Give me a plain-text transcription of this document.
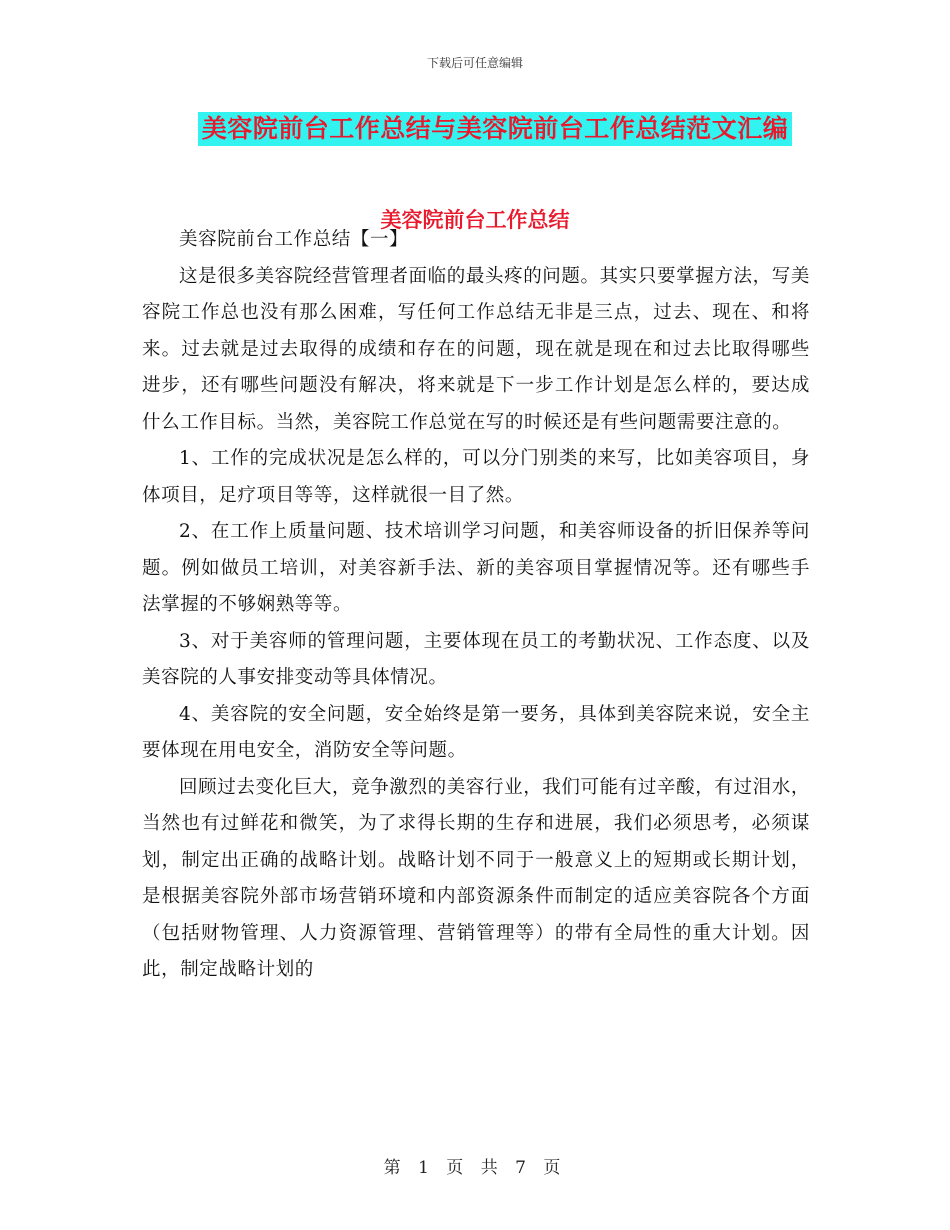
下载后可任意编辑
美容院前台工作总结与美容院前台工作总结范文汇编
美容院前台工作总结

美容院前台工作总结【一】

这是很多美容院经营管理者面临的最头疼的问题。其实只要掌握方法，写美容院工作总也没有那么困难，写任何工作总结无非是三点，过去、现在、和将来。过去就是过去取得的成绩和存在的问题，现在就是现在和过去比取得哪些进步，还有哪些问题没有解决，将来就是下一步工作计划是怎么样的，要达成什么工作目标。当然，美容院工作总觉在写的时候还是有些问题需要注意的。

1、工作的完成状况是怎么样的，可以分门别类的来写，比如美容项目，身体项目，足疗项目等等，这样就很一目了然。

2、在工作上质量问题、技术培训学习问题，和美容师设备的折旧保养等问题。例如做员工培训，对美容新手法、新的美容项目掌握情况等。还有哪些手法掌握的不够娴熟等等。

3、对于美容师的管理问题，主要体现在员工的考勤状况、工作态度、以及美容院的人事安排变动等具体情况。

4、美容院的安全问题，安全始终是第一要务，具体到美容院来说，安全主要体现在用电安全，消防安全等问题。

回顾过去变化巨大，竞争激烈的美容行业，我们可能有过辛酸，有过泪水，当然也有过鲜花和微笑，为了求得长期的生存和进展，我们必须思考，必须谋划，制定出正确的战略计划。战略计划不同于一般意义上的短期或长期计划，是根据美容院外部市场营销环境和内部资源条件而制定的适应美容院各个方面（包括财物管理、人力资源管理、营销管理等）的带有全局性的重大计划。因此，制定战略计划的

第 1 页 共 7 页
